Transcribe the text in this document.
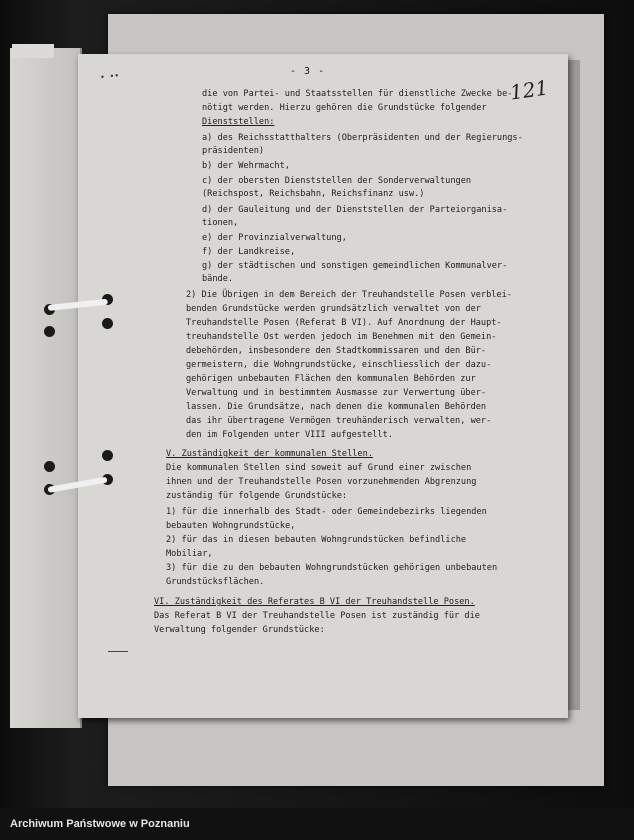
• ••	- 3 -
121
die von Partei- und Staatsstellen für dienstliche Zwecke be-
nötigt werden. Hierzu gehören die Grundstücke folgender
Dienststellen:
a) des Reichsstatthalters (Oberpräsidenten und der Regierungs-
präsidenten)
b) der Wehrmacht,
c) der obersten Dienststellen der Sonderverwaltungen
(Reichspost, Reichsbahn, Reichsfinanz usw.)
d) der Gauleitung und der Dienststellen der Parteiorganisa-
tionen,
e) der Provinzialverwaltung,
f) der Landkreise,
g) der städtischen und sonstigen gemeindlichen Kommunalver-
bände.
2) Die Übrigen in dem Bereich der Treuhandstelle Posen verblei-
benden Grundstücke werden grundsätzlich verwaltet von der
Treuhandstelle Posen (Referat B VI). Auf Anordnung der Haupt-
treuhandstelle Ost werden jedoch im Benehmen mit den Gemein-
debehörden, insbesondere den Stadtkommissaren und den Bür-
germeistern, die Wohngrundstücke, einschliesslich der dazu-
gehörigen unbebauten Flächen den kommunalen Behörden zur
Verwaltung und in bestimmtem Ausmasse zur Verwertung über-
lassen. Die Grundsätze, nach denen die kommunalen Behörden
das ihr übertragene Vermögen treuhänderisch verwalten, wer-
den im Folgenden unter VIII aufgestellt.
V. Zuständigkeit der kommunalen Stellen.
Die kommunalen Stellen sind soweit auf Grund einer zwischen
ihnen und der Treuhandstelle Posen vorzunehmenden Abgrenzung
zuständig für folgende Grundstücke:
1) für die innerhalb des Stadt- oder Gemeindebezirks liegenden
bebauten Wohngrundstücke,
2) für das in diesen bebauten Wohngrundstücken befindliche
Mobiliar,
3) für die zu den bebauten Wohngrundstücken gehörigen unbebauten
Grundstücksflächen.
VI. Zuständigkeit des Referates B VI der Treuhandstelle Posen.
Das Referat B VI der Treuhandstelle Posen ist zuständig für die
Verwaltung folgender Grundstücke:
Archiwum Państwowe w Poznaniu
